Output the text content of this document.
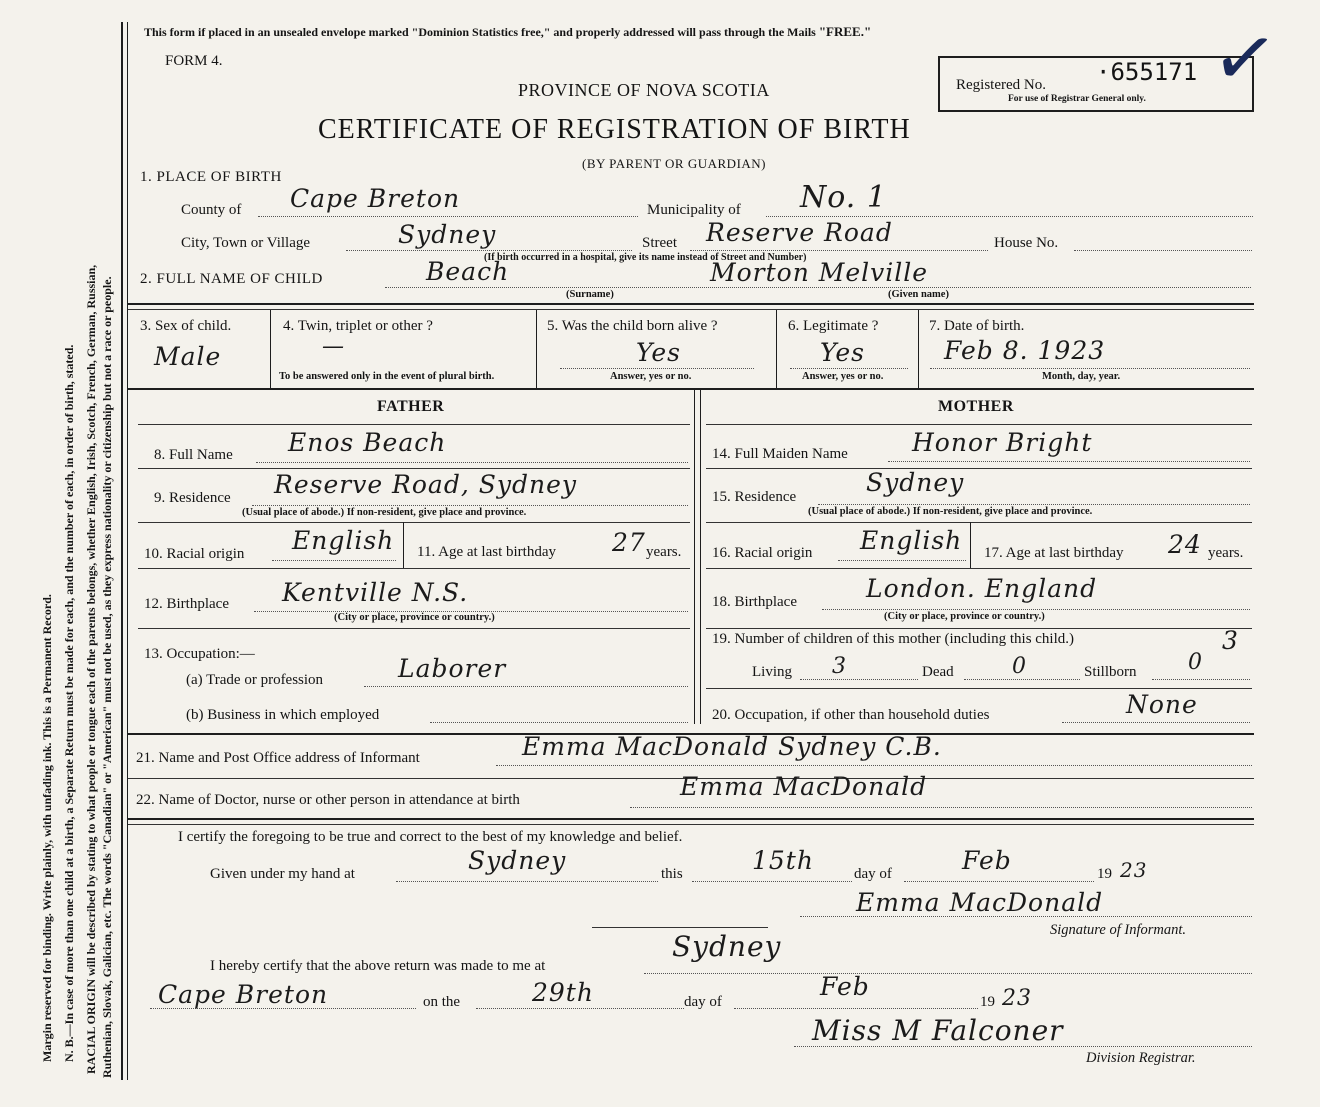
Margin reserved for binding. Write plainly, with unfading ink. This is a Permanent Record. N. B.—In case of more than one child at a birth, a Separate Return must be made for each, and the number of each, in order of birth, stated. RACIAL ORIGIN will be described by stating to what people or tongue each of the parents belongs, whether English, Irish, Scotch, French, German, Russian, Ruthenian, Slovak, Galician, etc. The words "Canadian" or "American" must not be used, as they express nationality or citizenship but not a race or people.
This form if placed in an unsealed envelope marked "Dominion Statistics free," and properly addressed will pass through the Mails "FREE."
FORM 4.
PROVINCE OF NOVA SCOTIA
CERTIFICATE OF REGISTRATION OF BIRTH
(BY PARENT OR GUARDIAN)
Registered No. ·655171
For use of Registrar General only. ✓
1. PLACE OF BIRTH
County of Cape Breton	Municipality of No. 1
City, Town or Village	Sydney	Street Reserve Road
(If birth occurred in a hospital, give its name instead of Street and Number)
House No.
2. FULL NAME OF CHILD	Beach
(Surname)
Morton Melville
(Given name)
3. Sex of child.
Male
4. Twin, triplet or other ?
—
To be answered only in the event of plural birth.
5. Was the child born alive ?
Yes
Answer, yes or no.
6. Legitimate ?
Yes
Answer, yes or no.
7. Date of birth.
Feb 8. 1923
Month, day, year.
FATHER	MOTHER
8. Full Name Enos Beach
9. Residence Reserve Road, Sydney
(Usual place of abode.) If non-resident, give place and province.
10. Racial origin English 11. Age at last birthday 27 years.
12. Birthplace Kentville N.S.
(City or place, province or country.)
13. Occupation:—
(a) Trade or profession	Laborer
(b) Business in which employed
14. Full Maiden Name	Honor Bright
15. Residence	Sydney
(Usual place of abode.) If non-resident, give place and province.
16. Racial origin English 17. Age at last birthday 24 years.
18. Birthplace	London. England
(City or place, province or country.)
19. Number of children of this mother (including this child.)	3
Living 3	Dead	0	Stillborn 0
20. Occupation, if other than household duties	None
21. Name and Post Office address of Informant	Emma MacDonald Sydney C.B.
22. Name of Doctor, nurse or other person in attendance at birth	Emma MacDonald
I certify the foregoing to be true and correct to the best of my knowledge and belief.
Given under my hand at	Sydney	this	15th	day of	Feb	19 23
Emma MacDonald
Signature of Informant.
I hereby certify that the above return was made to me at
Sydney
Cape Breton	on the	29th	day of
Feb
19 23
Miss M Falconer
Division Registrar.
